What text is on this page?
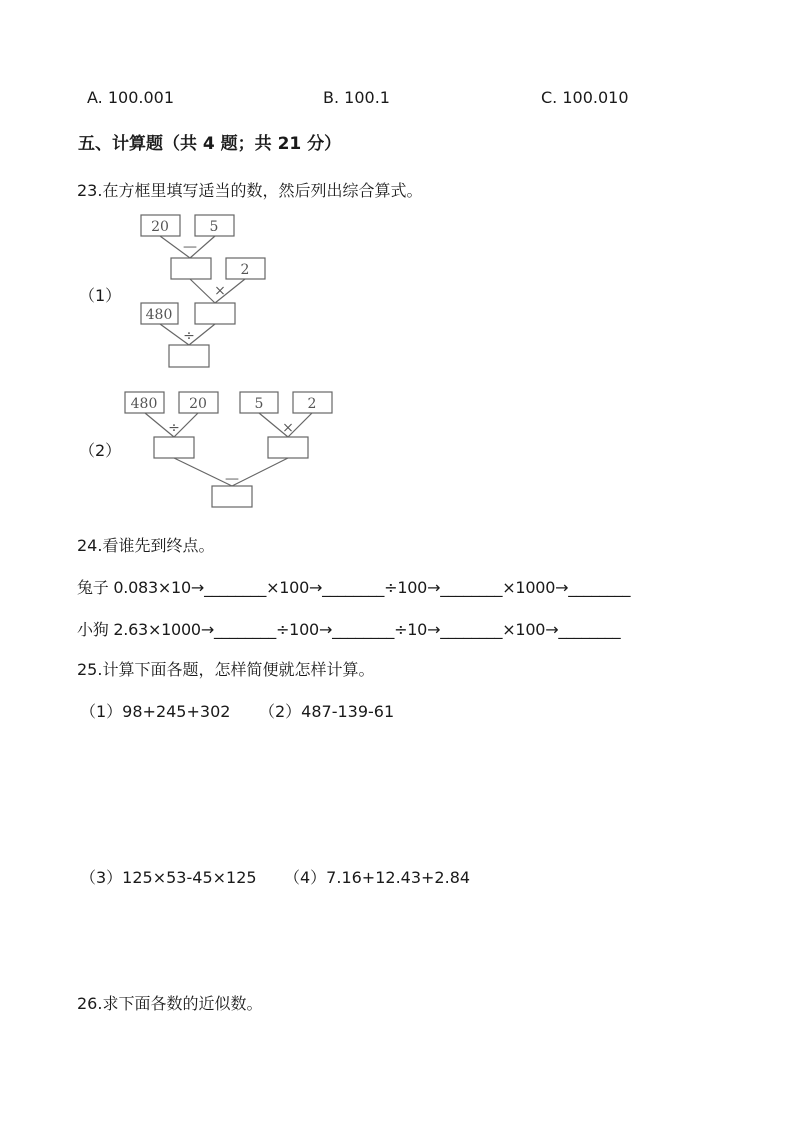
A. 100.001	B. 100.1	C. 100.010
五、计算题（共 4 题；共 21 分）
23.在方框里填写适当的数，然后列出综合算式。
（1）
20	5
—
2
×
480
÷
480 20	5	2
÷	×
—
（2）
24.看谁先到终点。
兔子 0.083×10→________×100→________÷100→________×1000→________
小狗 2.63×1000→________÷100→________÷10→________×100→________
25.计算下面各题，怎样简便就怎样计算。
（1）98+245+302 （2）487-139-61
（3）125×53-45×125 （4）7.16+12.43+2.84
26.求下面各数的近似数。
